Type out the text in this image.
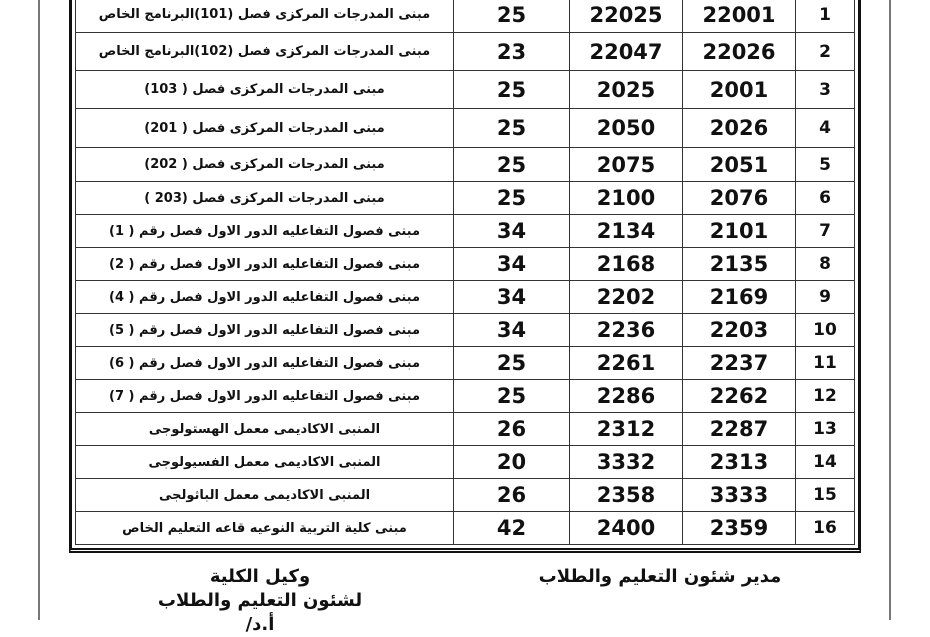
1	22001	22025	25	مبنى المدرجات المركزى فصل (101)البرنامج الخاص
2	22026	22047	23	مبنى المدرجات المركزى فصل (102)البرنامج الخاص
3	2001	2025	25	مبنى المدرجات المركزى فصل ( 103)
4	2026	2050	25	مبنى المدرجات المركزى فصل ( 201)
5	2051	2075	25	مبنى المدرجات المركزى فصل ( 202)
6	2076	2100	25	مبنى المدرجات المركزى فصل (203 )
7	2101	2134	34	مبنى فصول التفاعليه الدور الاول فصل رقم ( 1)
8	2135	2168	34	مبنى فصول التفاعليه الدور الاول فصل رقم ( 2)
9	2169	2202	34	مبنى فصول التفاعليه الدور الاول فصل رقم ( 4)
10	2203	2236	34	مبنى فصول التفاعليه الدور الاول فصل رقم ( 5)
11	2237	2261	25	مبنى فصول التفاعليه الدور الاول فصل رقم ( 6)
12	2262	2286	25	مبنى فصول التفاعليه الدور الاول فصل رقم ( 7)
13	2287	2312	26	المنبى الاكاديمى معمل الهستولوجى
14	2313	3332	20	المنبى الاكاديمى معمل الفسيولوجى
15	3333	2358	26	المنبى الاكاديمى معمل الباثولجى
16	2359	2400	42	مبنى كلية التربية النوعيه قاعه التعليم الخاص
مدير شئون التعليم والطلاب
وكيل الكلية
لشئون التعليم والطلاب
أ.د/
